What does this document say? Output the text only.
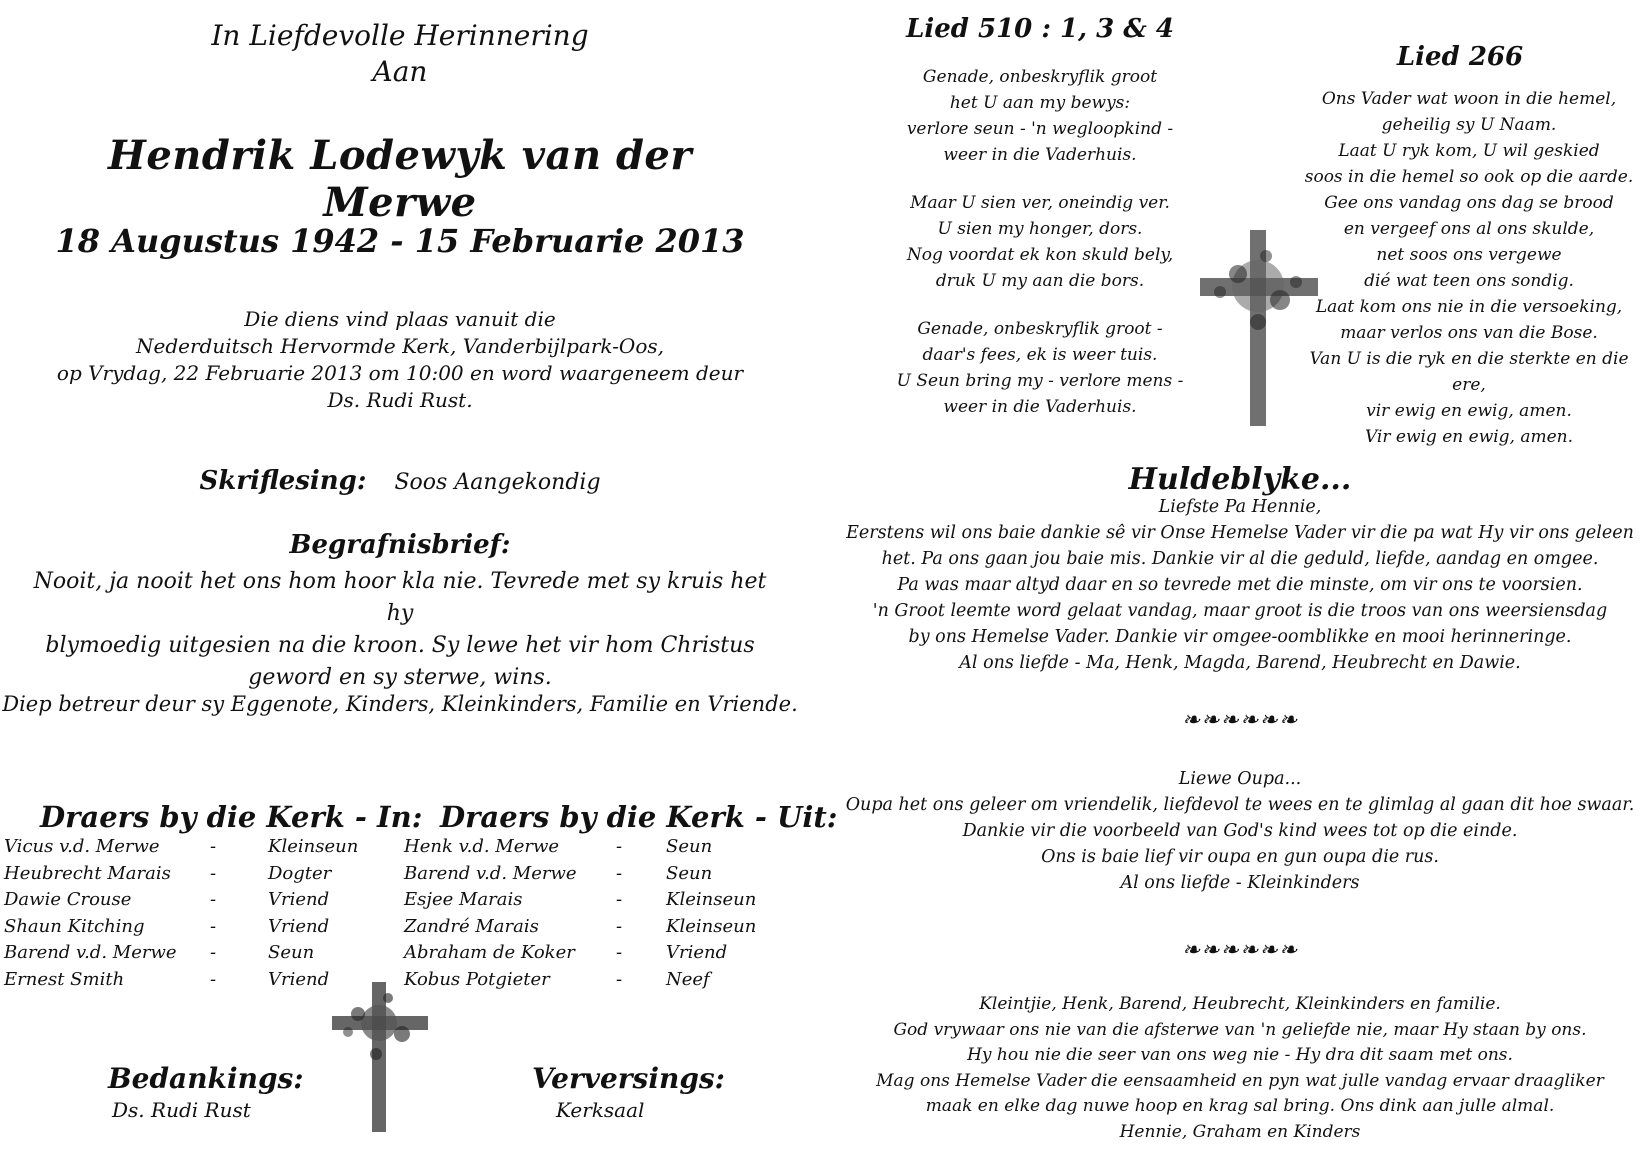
In Liefdevolle Herinnering
Aan
Hendrik Lodewyk van der Merwe
18 Augustus 1942 - 15 Februarie 2013
Die diens vind plaas vanuit die
Nederduitsch Hervormde Kerk, Vanderbijlpark-Oos,
op Vrydag, 22 Februarie 2013 om 10:00 en word waargeneem deur
Ds. Rudi Rust.
Skriflesing: Soos Aangekondig
Begrafnisbrief:
Nooit, ja nooit het ons hom hoor kla nie. Tevrede met sy kruis het hy
blymoedig uitgesien na die kroon. Sy lewe het vir hom Christus
geword en sy sterwe, wins.
Diep betreur deur sy Eggenote, Kinders, Kleinkinders, Familie en Vriende.
Draers by die Kerk - In:
Vicus v.d. Merwe	-	Kleinseun
Heubrecht Marais -	Dogter
Dawie Crouse	-	Vriend
Shaun Kitching	-	Vriend
Barend v.d. Merwe -	Seun
Ernest Smith	-	Vriend
Draers by die Kerk - Uit:
Henk v.d. Merwe	- Seun
Barend v.d. Merwe - Seun
Esjee Marais	- Kleinseun
Zandré Marais	- Kleinseun
Abraham de Koker - Vriend
Kobus Potgieter	- Neef
Bedankings:
Ds. Rudi Rust
Verversings:
Kerksaal
Lied 510 : 1, 3 & 4

Genade, onbeskryflik groot

het U aan my bewys:

verlore seun - 'n wegloopkind -

weer in die Vaderhuis.

Maar U sien ver, oneindig ver.

U sien my honger, dors.

Nog voordat ek kon skuld bely,

druk U my aan die bors.

Genade, onbeskryflik groot -

daar's fees, ek is weer tuis.

U Seun bring my - verlore mens -

weer in die Vaderhuis.

Lied 266

Ons Vader wat woon in die hemel,

geheilig sy U Naam.

Laat U ryk kom, U wil geskied

soos in die hemel so ook op die aarde.

Gee ons vandag ons dag se brood

en vergeef ons al ons skulde,

net soos ons vergewe

dié wat teen ons sondig.

Laat kom ons nie in die versoeking,

maar verlos ons van die Bose.

Van U is die ryk en die sterkte en die ere,

vir ewig en ewig, amen.

Vir ewig en ewig, amen.

Huldeblyke...

Liefste Pa Hennie,

Eerstens wil ons baie dankie sê vir Onse Hemelse Vader vir die pa wat Hy vir ons geleen

het. Pa ons gaan jou baie mis. Dankie vir al die geduld, liefde, aandag en omgee.

Pa was maar altyd daar en so tevrede met die minste, om vir ons te voorsien.

'n Groot leemte word gelaat vandag, maar groot is die troos van ons weersiensdag

by ons Hemelse Vader. Dankie vir omgee-oomblikke en mooi herinneringe.

Al ons liefde - Ma, Henk, Magda, Barend, Heubrecht en Dawie.

❧❧❧❧❧❧

Liewe Oupa...

Oupa het ons geleer om vriendelik, liefdevol te wees en te glimlag al gaan dit hoe swaar.

Dankie vir die voorbeeld van God's kind wees tot op die einde.

Ons is baie lief vir oupa en gun oupa die rus.

Al ons liefde - Kleinkinders

❧❧❧❧❧❧

Kleintjie, Henk, Barend, Heubrecht, Kleinkinders en familie.

God vrywaar ons nie van die afsterwe van 'n geliefde nie, maar Hy staan by ons.

Hy hou nie die seer van ons weg nie - Hy dra dit saam met ons.

Mag ons Hemelse Vader die eensaamheid en pyn wat julle vandag ervaar draagliker

maak en elke dag nuwe hoop en krag sal bring. Ons dink aan julle almal.

Hennie, Graham en Kinders
